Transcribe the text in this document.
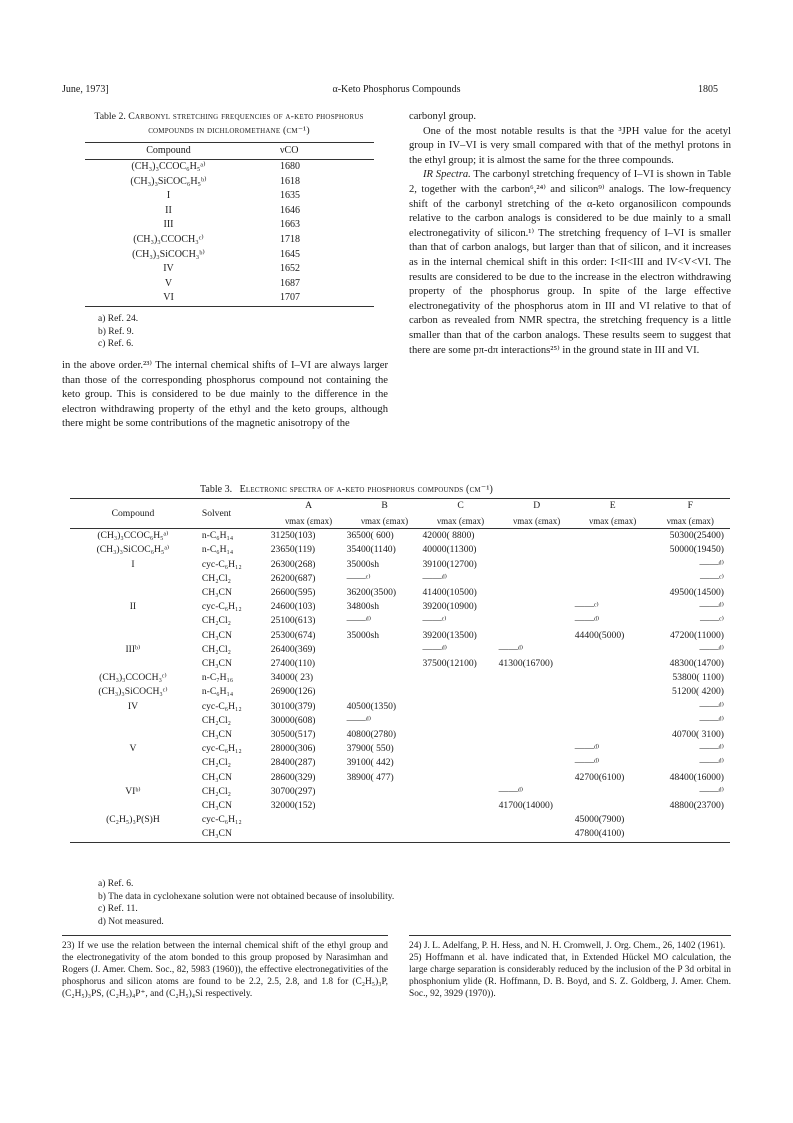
June, 1973]	α-Keto Phosphorus Compounds	1805
Table 2. Carbonyl stretching frequencies of α-keto phosphorus compounds in dichloromethane (cm⁻¹)
Compound	νCO
(CH₃)₃CCOC₆H₅ᵃ⁾	1680
(CH₃)₃SiCOC₆H₅ᵇ⁾	1618
I	1635
II	1646
III	1663
(CH₃)₃CCOCH₃ᶜ⁾	1718
(CH₃)₃SiCOCH₃ᵇ⁾	1645
IV	1652
V	1687
VI	1707
a) Ref. 24.
b) Ref. 9.
c) Ref. 6.

in the above order.²³⁾ The internal chemical shifts of I–VI are always larger than those of the corresponding phosphorus compound not containing the keto group. This is considered to be due mainly to the difference in the electron withdrawing property of the ethyl and the keto groups, although there might be some contributions of the magnetic anisotropy of the

carbonyl group.

One of the most notable results is that the ³JPH value for the acetyl group in IV–VI is very small compared with that of the methyl protons in the ethyl group; it is almost the same for the three compounds.

IR Spectra. The carbonyl stretching frequency of I–VI is shown in Table 2, together with the carbon⁶,²⁴⁾ and silicon⁹⁾ analogs. The low-frequency shift of the carbonyl stretching of the α-keto organosilicon compounds relative to the carbon analogs is considered to be due mainly to a small electronegativity of silicon.¹⁾ The stretching frequency of I–VI is smaller than that of carbon analogs, but larger than that of silicon, and it increases as in the internal chemical shift in this order: I<II<III and IV<V<VI. The results are considered to be due to the increase in the electron withdrawing property of the phosphorus group. In spite of the large effective electronegativity of the phosphorus atom in III and VI relative to that of carbon as revealed from NMR spectra, the stretching frequency is a little smaller than that of the carbon analogs. These results seem to suggest that there are some pπ-dπ interactions²⁵⁾ in the ground state in III and VI.

Table 3. Electronic spectra of α-keto phosphorus compounds (cm⁻¹)
Compound	Solvent	A	B	C	D	E	F
		νmax (εmax)	νmax (εmax)	νmax (εmax)	νmax (εmax)	νmax (εmax)	νmax (εmax)
(CH₃)₃CCOC₆H₅ᵃ⁾	n-C₆H₁₄	31250(103)	36500( 600)	42000( 8800)			50300(25400)
(CH₃)₃SiCOC₆H₅ᵃ⁾	n-C₆H₁₄	23650(119)	35400(1140)	40000(11300)			50000(19450)
I	cyc-C₆H₁₂	26300(268)	35000sh	39100(12700)			——ᵈ⁾
	CH₂Cl₂	26200(687)	——ᶜ⁾	——ᵈ⁾			——ᶜ⁾
	CH₃CN	26600(595)	36200(3500)	41400(10500)			49500(14500)
II	cyc-C₆H₁₂	24600(103)	34800sh	39200(10900)		——ᶜ⁾	——ᵈ⁾
	CH₂Cl₂	25100(613)	——ᵈ⁾	——ᶜ⁾		——ᵈ⁾	——ᶜ⁾
	CH₃CN	25300(674)	35000sh	39200(13500)		44400(5000)	47200(11000)
IIIᵇ⁾	CH₂Cl₂	26400(369)		——ᵈ⁾	——ᵈ⁾		——ᵈ⁾
	CH₃CN	27400(110)		37500(12100)	41300(16700)		48300(14700)
(CH₃)₃CCOCH₃ᶜ⁾	n-C₇H₁₆	34000( 23)					53800( 1100)
(CH₃)₃SiCOCH₃ᶜ⁾	n-C₆H₁₄	26900(126)					51200( 4200)
IV	cyc-C₆H₁₂	30100(379)	40500(1350)				——ᵈ⁾
	CH₂Cl₂	30000(608)	——ᵈ⁾				——ᵈ⁾
	CH₃CN	30500(517)	40800(2780)				40700( 3100)
V	cyc-C₆H₁₂	28000(306)	37900( 550)			——ᵈ⁾	——ᵈ⁾
	CH₂Cl₂	28400(287)	39100( 442)			——ᵈ⁾	——ᵈ⁾
	CH₃CN	28600(329)	38900( 477)			42700(6100)	48400(16000)
VIᵇ⁾	CH₂Cl₂	30700(297)			——ᵈ⁾		——ᵈ⁾
	CH₃CN	32000(152)			41700(14000)		48800(23700)
(C₂H₅)₃P(S)H	cyc-C₆H₁₂					45000(7900)	
	CH₃CN					47800(4100)	
a) Ref. 6.
b) The data in cyclohexane solution were not obtained because of insolubility.
c) Ref. 11.
d) Not measured.

23) If we use the relation between the internal chemical shift of the ethyl group and the electronegativity of the atom bonded to this group proposed by Narasimhan and Rogers (J. Amer. Chem. Soc., 82, 5983 (1960)), the effective electronegativities of the phosphorus and silicon atoms are found to be 2.2, 2.5, 2.8, and 1.8 for (C₂H₅)₃P, (C₂H₅)₃PS, (C₂H₅)₄P⁺, and (C₂H₅)₄Si respectively.

24) J. L. Adelfang, P. H. Hess, and N. H. Cromwell, J. Org. Chem., 26, 1402 (1961).

25) Hoffmann et al. have indicated that, in Extended Hückel MO calculation, the large charge separation is considerably reduced by the inclusion of the P 3d orbital in phosphonium ylide (R. Hoffmann, D. B. Boyd, and S. Z. Goldberg, J. Amer. Chem. Soc., 92, 3929 (1970)).
